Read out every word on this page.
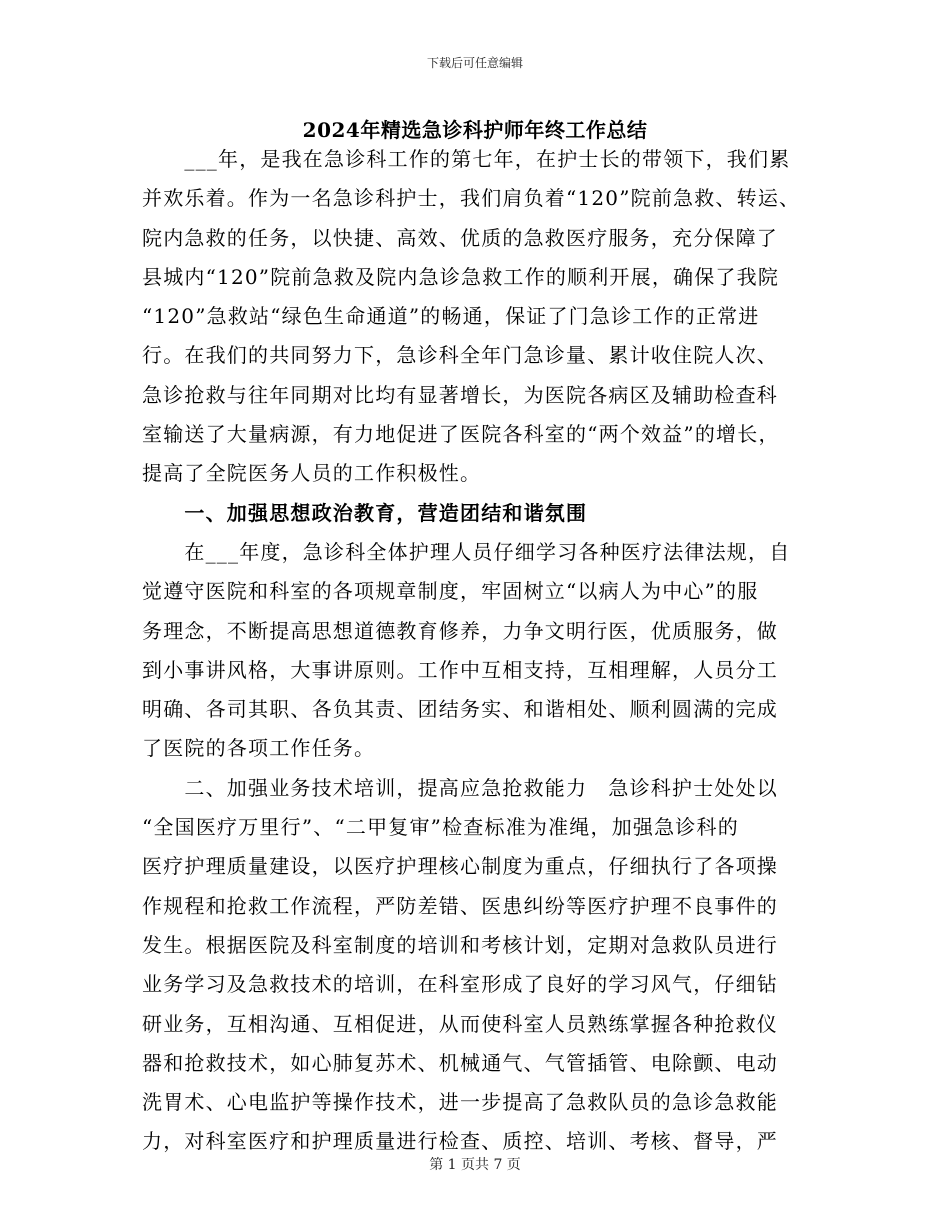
下载后可任意编辑
2024年精选急诊科护师年终工作总结
　　___年，是我在急诊科工作的第七年，在护士长的带领下，我们累
并欢乐着。作为一名急诊科护士，我们肩负着“120”院前急救、转运、
院内急救的任务，以快捷、高效、优质的急救医疗服务，充分保障了
县城内“120”院前急救及院内急诊急救工作的顺利开展，确保了我院
“120”急救站“绿色生命通道”的畅通，保证了门急诊工作的正常进
行。在我们的共同努力下，急诊科全年门急诊量、累计收住院人次、
急诊抢救与往年同期对比均有显著增长，为医院各病区及辅助检查科
室输送了大量病源，有力地促进了医院各科室的“两个效益”的增长，
提高了全院医务人员的工作积极性。
　　一、加强思想政治教育，营造团结和谐氛围
　　在___年度，急诊科全体护理人员仔细学习各种医疗法律法规，自
觉遵守医院和科室的各项规章制度，牢固树立“以病人为中心”的服
务理念，不断提高思想道德教育修养，力争文明行医，优质服务，做
到小事讲风格，大事讲原则。工作中互相支持，互相理解，人员分工
明确、各司其职、各负其责、团结务实、和谐相处、顺利圆满的完成
了医院的各项工作任务。
　　二、加强业务技术培训，提高应急抢救能力　急诊科护士处处以
“全国医疗万里行”、“二甲复审”检查标准为准绳，加强急诊科的
医疗护理质量建设，以医疗护理核心制度为重点，仔细执行了各项操
作规程和抢救工作流程，严防差错、医患纠纷等医疗护理不良事件的
发生。根据医院及科室制度的培训和考核计划，定期对急救队员进行
业务学习及急救技术的培训，在科室形成了良好的学习风气，仔细钻
研业务，互相沟通、互相促进，从而使科室人员熟练掌握各种抢救仪
器和抢救技术，如心肺复苏术、机械通气、气管插管、电除颤、电动
洗胃术、心电监护等操作技术，进一步提高了急救队员的急诊急救能
力，对科室医疗和护理质量进行检查、质控、培训、考核、督导，严
第 1 页共 7 页
